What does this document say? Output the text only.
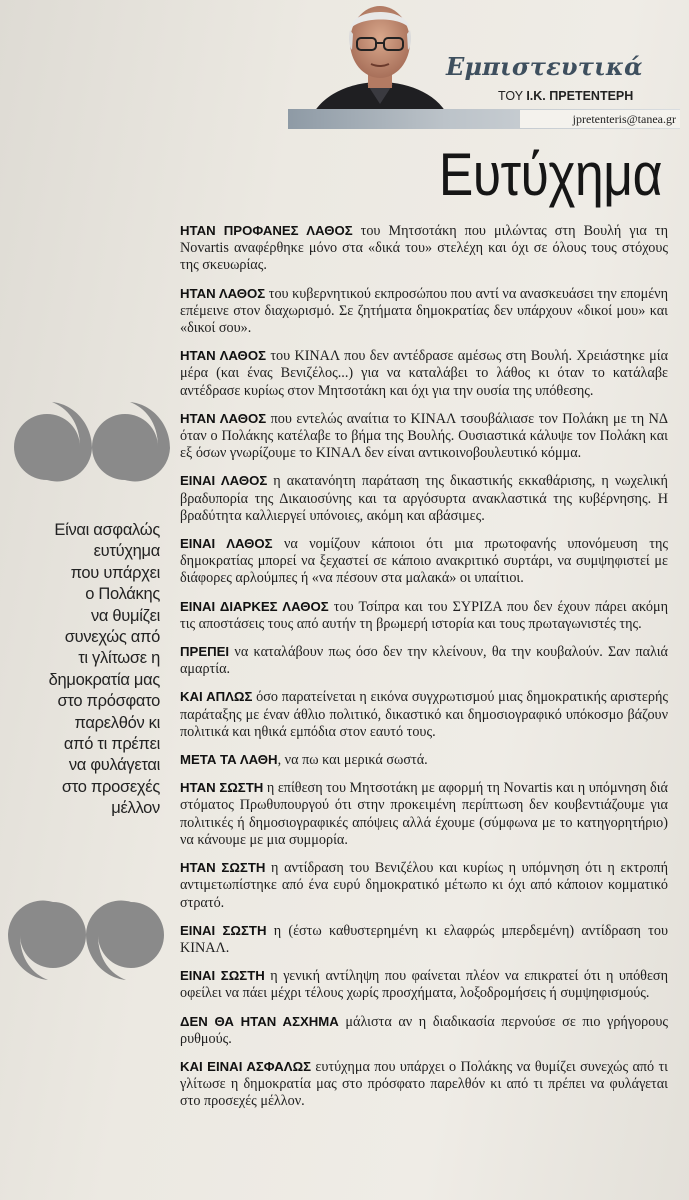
Εμπιστευτικά
ΤΟΥ Ι.Κ. ΠΡΕΤΕΝΤΕΡΗ
jpretenteris@tanea.gr
Ευτύχημα
Είναι ασφαλώς
ευτύχημα
που υπάρχει
ο Πολάκης
να θυμίζει
συνεχώς από
τι γλίτωσε η
δημοκρατία μας
στο πρόσφατο
παρελθόν κι
από τι πρέπει
να φυλάγεται
στο προσεχές
μέλλον

ΗΤΑΝ ΠΡΟΦΑΝΕΣ ΛΑΘΟΣ του Μητσοτάκη που μιλώντας στη Βουλή για τη Novartis αναφέρθηκε μόνο στα «δικά του» στελέχη και όχι σε όλους τους στόχους της σκευωρίας.

ΗΤΑΝ ΛΑΘΟΣ του κυβερνητικού εκπροσώπου που αντί να ανασκευάσει την επομένη επέμεινε στον διαχωρισμό. Σε ζητήματα δημοκρατίας δεν υπάρχουν «δικοί μου» και «δικοί σου».

ΗΤΑΝ ΛΑΘΟΣ του ΚΙΝΑΛ που δεν αντέδρασε αμέσως στη Βουλή. Χρειάστηκε μία μέρα (και ένας Βενιζέλος...) για να καταλάβει το λάθος κι όταν το κατάλαβε αντέδρασε κυρίως στον Μητσοτάκη και όχι για την ουσία της υπόθεσης.

ΗΤΑΝ ΛΑΘΟΣ που εντελώς αναίτια το ΚΙΝΑΛ τσουβάλιασε τον Πολάκη με τη ΝΔ όταν ο Πολάκης κατέλαβε το βήμα της Βουλής. Ουσιαστικά κάλυψε τον Πολάκη και εξ όσων γνωρίζουμε το ΚΙΝΑΛ δεν είναι αντικοινοβουλευτικό κόμμα.

ΕΙΝΑΙ ΛΑΘΟΣ η ακατανόητη παράταση της δικαστικής εκκαθάρισης, η νωχελική βραδυπορία της Δικαιοσύνης και τα αργόσυρτα ανακλαστικά της κυβέρνησης. Η βραδύτητα καλλιεργεί υπόνοιες, ακόμη και αβάσιμες.

ΕΙΝΑΙ ΛΑΘΟΣ να νομίζουν κάποιοι ότι μια πρωτοφανής υπονόμευση της δημοκρατίας μπορεί να ξεχαστεί σε κάποιο ανακριτικό συρτάρι, να συμψηφιστεί με διάφορες αρλούμπες ή «να πέσουν στα μαλακά» οι υπαίτιοι.

ΕΙΝΑΙ ΔΙΑΡΚΕΣ ΛΑΘΟΣ του Τσίπρα και του ΣΥΡΙΖΑ που δεν έχουν πάρει ακόμη τις αποστάσεις τους από αυτήν τη βρωμερή ιστορία και τους πρωταγωνιστές της.

ΠΡΕΠΕΙ να καταλάβουν πως όσο δεν την κλείνουν, θα την κουβαλούν. Σαν παλιά αμαρτία.

ΚΑΙ ΑΠΛΩΣ όσο παρατείνεται η εικόνα συγχρωτισμού μιας δημοκρατικής αριστερής παράταξης με έναν άθλιο πολιτικό, δικαστικό και δημοσιογραφικό υπόκοσμο βάζουν πολιτικά και ηθικά εμπόδια στον εαυτό τους.

ΜΕΤΑ ΤΑ ΛΑΘΗ, να πω και μερικά σωστά.

ΗΤΑΝ ΣΩΣΤΗ η επίθεση του Μητσοτάκη με αφορμή τη Novartis και η υπόμνηση διά στόματος Πρωθυπουργού ότι στην προκειμένη περίπτωση δεν κουβεντιάζουμε για πολιτικές ή δημοσιογραφικές απόψεις αλλά έχουμε (σύμφωνα με το κατηγορητήριο) να κάνουμε με μια συμμορία.

ΗΤΑΝ ΣΩΣΤΗ η αντίδραση του Βενιζέλου και κυρίως η υπόμνηση ότι η εκτροπή αντιμετωπίστηκε από ένα ευρύ δημοκρατικό μέτωπο κι όχι από κάποιον κομματικό στρατό.

ΕΙΝΑΙ ΣΩΣΤΗ η (έστω καθυστερημένη κι ελαφρώς μπερδεμένη) αντίδραση του ΚΙΝΑΛ.

ΕΙΝΑΙ ΣΩΣΤΗ η γενική αντίληψη που φαίνεται πλέον να επικρατεί ότι η υπόθεση οφείλει να πάει μέχρι τέλους χωρίς προσχήματα, λοξοδρομήσεις ή συμψηφισμούς.

ΔΕΝ ΘΑ ΗΤΑΝ ΑΣΧΗΜΑ μάλιστα αν η διαδικασία περνούσε σε πιο γρήγορους ρυθμούς.

ΚΑΙ ΕΙΝΑΙ ΑΣΦΑΛΩΣ ευτύχημα που υπάρχει ο Πολάκης να θυμίζει συνεχώς από τι γλίτωσε η δημοκρατία μας στο πρόσφατο παρελθόν κι από τι πρέπει να φυλάγεται στο προσεχές μέλλον.
